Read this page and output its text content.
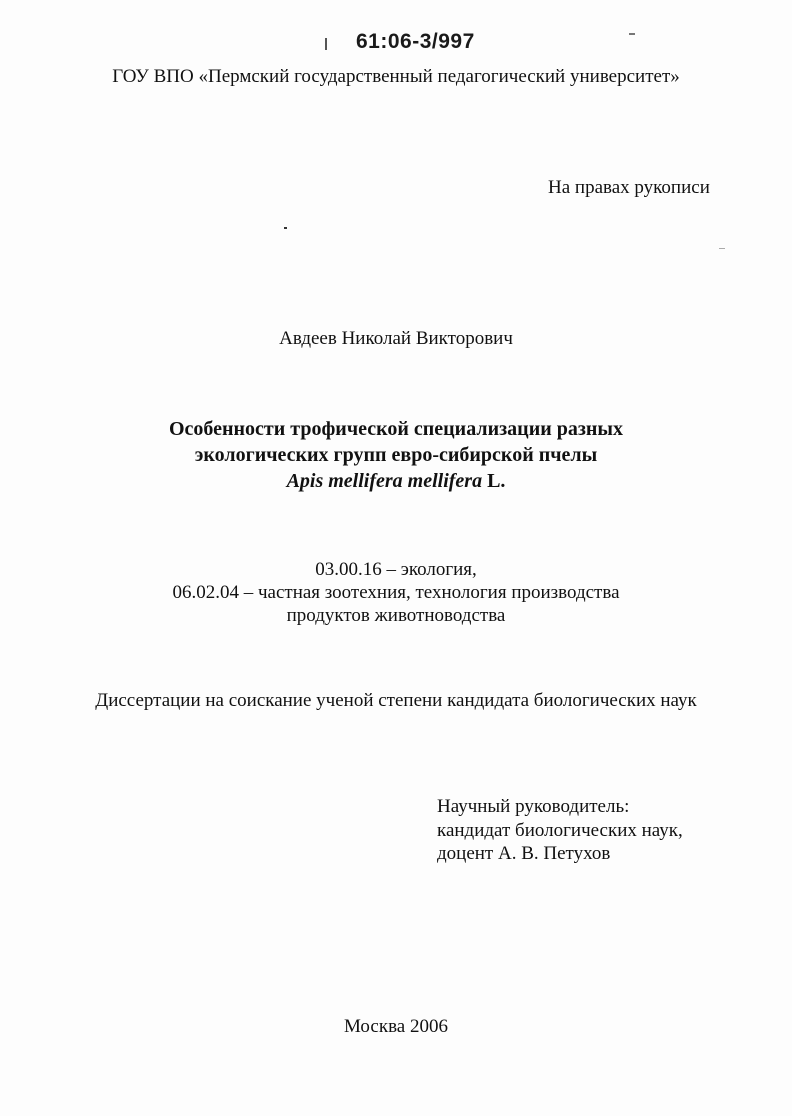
61:06-3/997
ГОУ ВПО «Пермский государственный педагогический университет»
На правах рукописи
Авдеев Николай Викторович
Особенности трофической специализации разных
экологических групп евро-сибирской пчелы
Apis mellifera mellifera L.
03.00.16 – экология,
06.02.04 – частная зоотехния, технология производства
продуктов животноводства
Диссертации на соискание ученой степени кандидата биологических наук
Научный руководитель:
кандидат биологических наук,
доцент А. В. Петухов
Москва 2006
